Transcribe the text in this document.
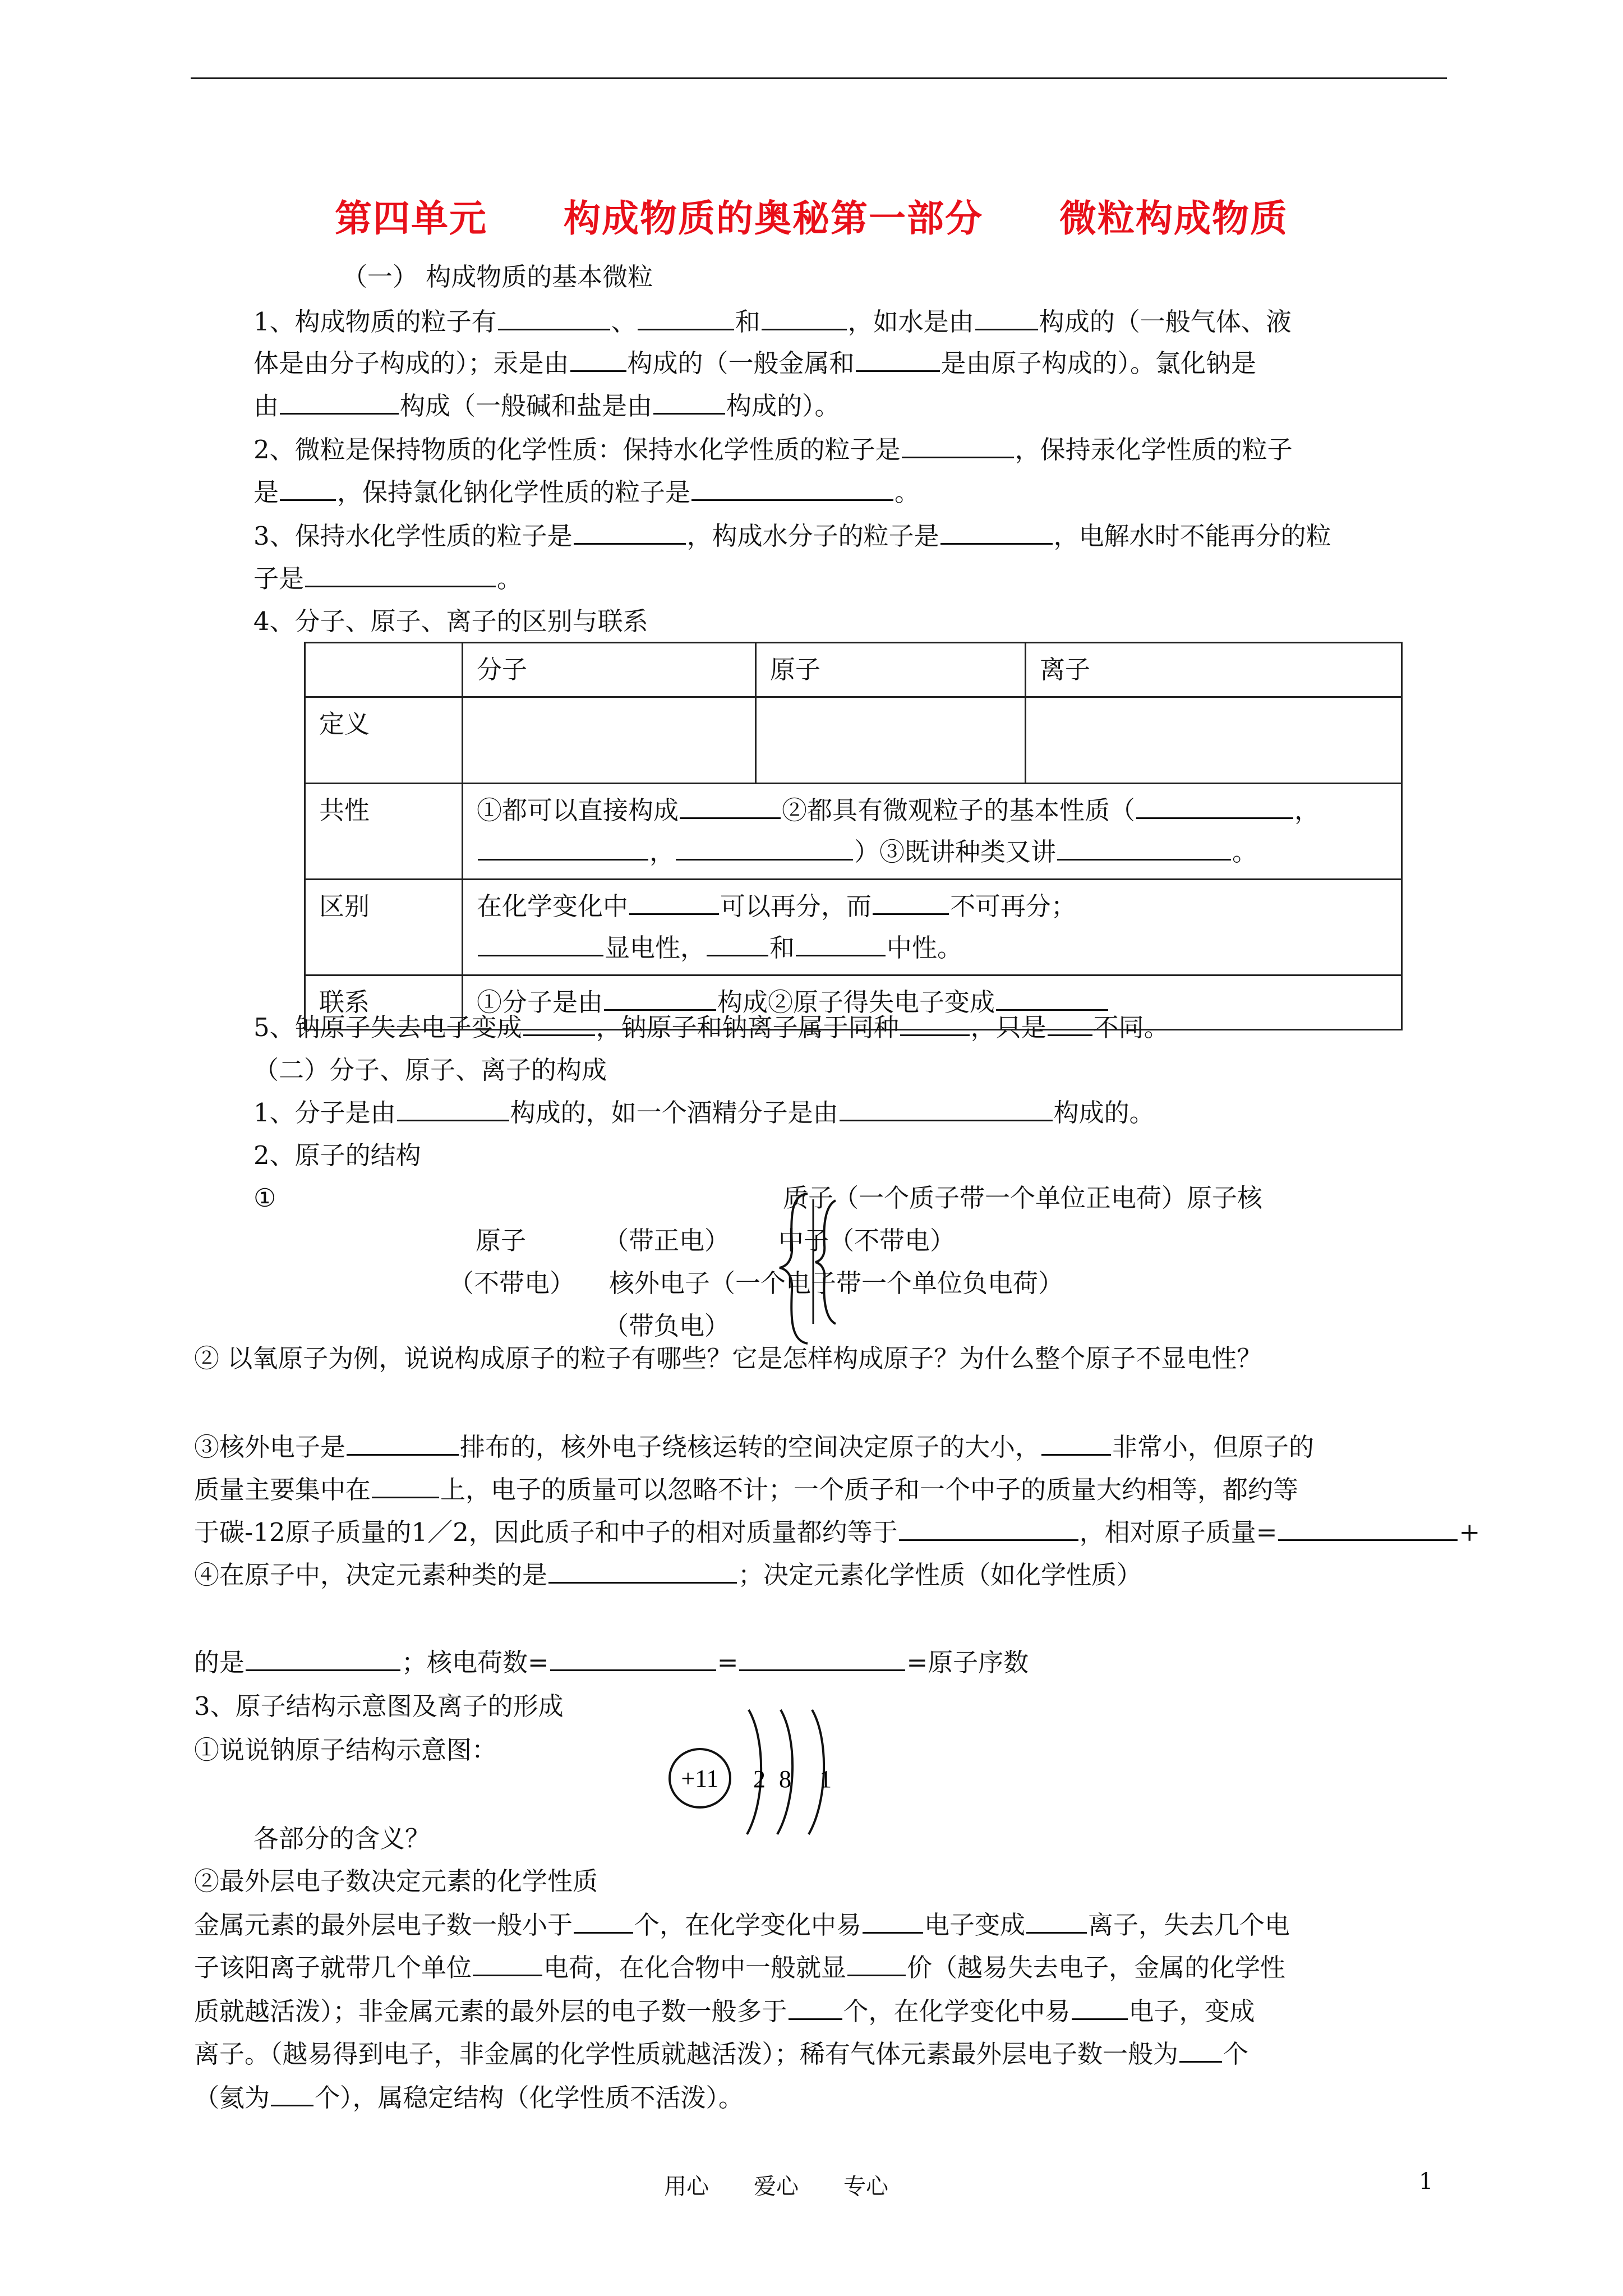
第四单元　　构成物质的奥秘第一部分　　微粒构成物质
（一） 构成物质的基本微粒
1、构成物质的粒子有	、	和	，如水是由	构成的（一般气体、液
体是由分子构成的）；汞是由 构成的（一般金属和	是由原子构成的）。氯化钠是
由	构成（一般碱和盐是由	构成的）。
2、微粒是保持物质的化学性质：保持水化学性质的粒子是	，保持汞化学性质的粒子
是 ，保持氯化钠化学性质的粒子是	。
3、保持水化学性质的粒子是	，构成水分子的粒子是	，电解水时不能再分的粒
子是	。
4、分子、原子、离子的区别与联系
	分子	原子	离子
定义			
共性	①都可以直接构成 ②都具有微观粒子的基本性质（ ，
， ）③既讲种类又讲 。		
区别	在化学变化中 可以再分，而 不可再分；
显电性， 和 中性。		
联系	①分子是由 构成②原子得失电子变成		
5、钠原子失去电子变成	，钠原子和钠离子属于同种	，只是 不同。
（二）分子、原子、离子的构成
1、分子是由	构成的，如一个酒精分子是由	构成的。
2、原子的结构
①	质子（一个质子带一个单位正电荷）原子核
原子	（带正电） 中子（不带电）
（不带电） 核外电子（一个电子带一个单位负电荷）
（带负电）
② 以氧原子为例，说说构成原子的粒子有哪些？它是怎样构成原子？为什么整个原子不显电性？
③核外电子是	排布的，核外电子绕核运转的空间决定原子的大小，	非常小，但原子的
质量主要集中在	上，电子的质量可以忽略不计；一个质子和一个中子的质量大约相等，都约等
于碳-12原子质量的1／2，因此质子和中子的相对质量都约等于	，相对原子质量=	+
④在原子中，决定元素种类的是	；决定元素化学性质（如化学性质）
的是	；核电荷数=	=	=原子序数
3、原子结构示意图及离子的形成
①说说钠原子结构示意图：
+11 2 8 1
各部分的含义？
②最外层电子数决定元素的化学性质
金属元素的最外层电子数一般小于 个，在化学变化中易 电子变成 离子，失去几个电
子该阳离子就带几个单位	电荷，在化合物中一般就显 价（越易失去电子，金属的化学性
质就越活泼）；非金属元素的最外层的电子数一般多于 个，在化学变化中易 电子，变成
离子。（越易得到电子，非金属的化学性质就越活泼）；稀有气体元素最外层电子数一般为 个
（氦为 个），属稳定结构（化学性质不活泼）。
用心　　爱心　　专心	1
